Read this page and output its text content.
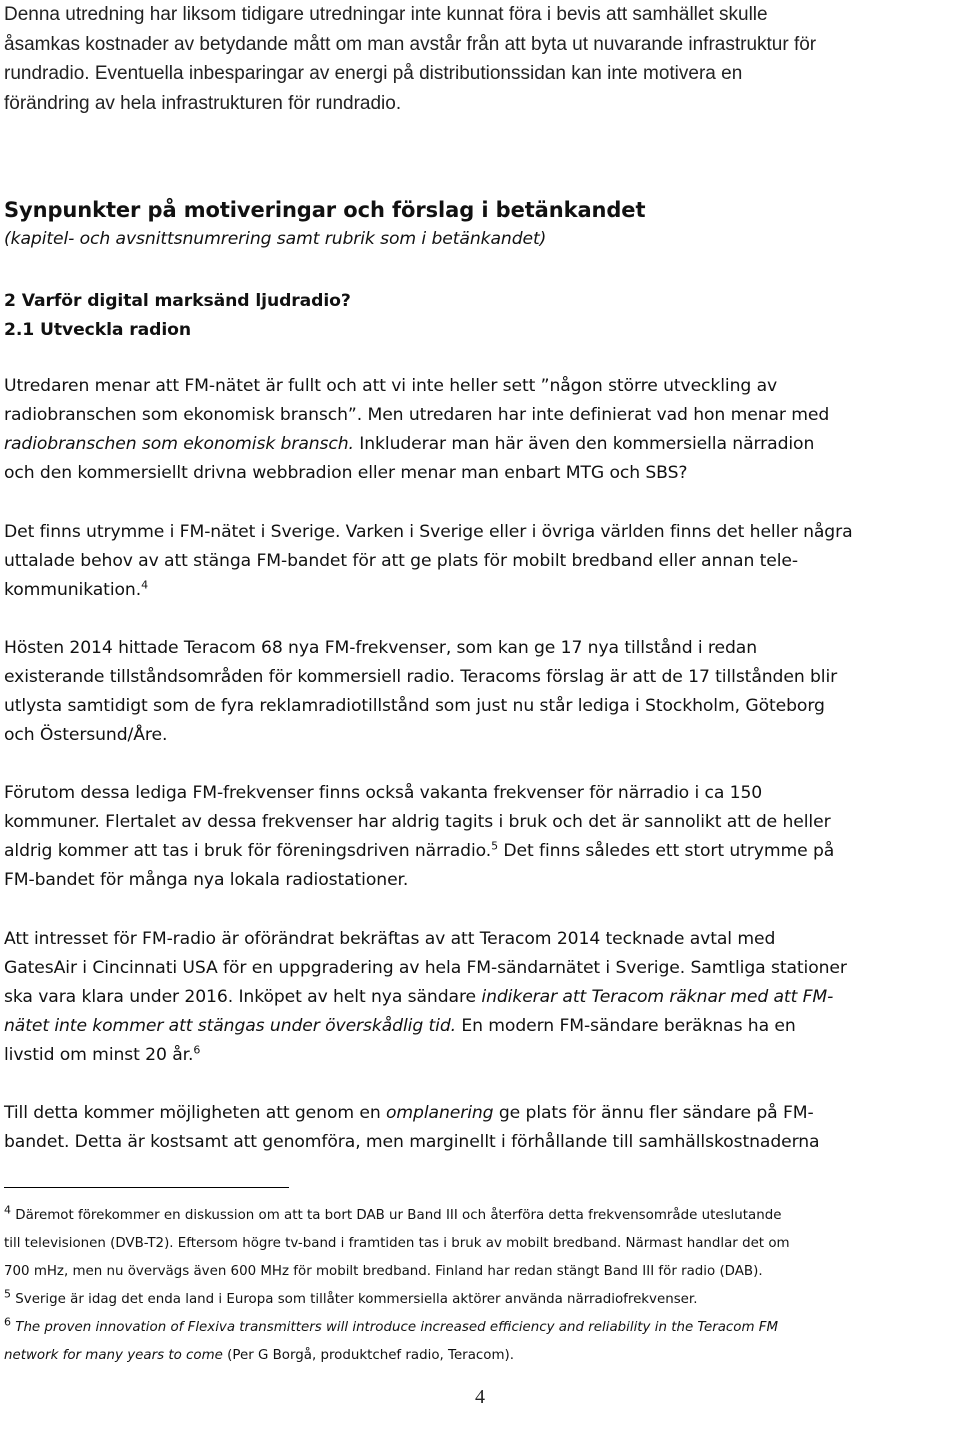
Denna utredning har liksom tidigare utredningar inte kunnat föra i bevis att samhället skulle
åsamkas kostnader av betydande mått om man avstår från att byta ut nuvarande infrastruktur för
rundradio. Eventuella inbesparingar av energi på distributionssidan kan inte motivera en
förändring av hela infrastrukturen för rundradio.
Synpunkter på motiveringar och förslag i betänkandet
(kapitel- och avsnittsnumrering samt rubrik som i betänkandet)
2 Varför digital marksänd ljudradio?
2.1 Utveckla radion
Utredaren menar att FM-nätet är fullt och att vi inte heller sett ”någon större utveckling av
radiobranschen som ekonomisk bransch”. Men utredaren har inte definierat vad hon menar med
radiobranschen som ekonomisk bransch. Inkluderar man här även den kommersiella närradion
och den kommersiellt drivna webbradion eller menar man enbart MTG och SBS?
Det finns utrymme i FM-nätet i Sverige. Varken i Sverige eller i övriga världen finns det heller några
uttalade behov av att stänga FM-bandet för att ge plats för mobilt bredband eller annan tele-
kommunikation.$^4$
Hösten 2014 hittade Teracom 68 nya FM-frekvenser, som kan ge 17 nya tillstånd i redan
existerande tillståndsområden för kommersiell radio. Teracoms förslag är att de 17 tillstånden blir
utlysta samtidigt som de fyra reklamradiotillstånd som just nu står lediga i Stockholm, Göteborg
och Östersund/Åre.
Förutom dessa lediga FM-frekvenser finns också vakanta frekvenser för närradio i ca 150
kommuner. Flertalet av dessa frekvenser har aldrig tagits i bruk och det är sannolikt att de heller
aldrig kommer att tas i bruk för föreningsdriven närradio.$^5$ Det finns således ett stort utrymme på
FM-bandet för många nya lokala radiostationer.
Att intresset för FM-radio är oförändrat bekräftas av att Teracom 2014 tecknade avtal med
GatesAir i Cincinnati USA för en uppgradering av hela FM-sändarnätet i Sverige. Samtliga stationer
ska vara klara under 2016. Inköpet av helt nya sändare indikerar att Teracom räknar med att FM-
nätet inte kommer att stängas under överskådlig tid. En modern FM-sändare beräknas ha en
livstid om minst 20 år.$^6$
Till detta kommer möjligheten att genom en omplanering ge plats för ännu fler sändare på FM-
bandet. Detta är kostsamt att genomföra, men marginellt i förhållande till samhällskostnaderna
$^4$ Däremot förekommer en diskussion om att ta bort DAB ur Band III och återföra detta frekvensområde uteslutande
till televisionen (DVB-T2). Eftersom högre tv-band i framtiden tas i bruk av mobilt bredband. Närmast handlar det om
700 mHz, men nu övervägs även 600 MHz för mobilt bredband. Finland har redan stängt Band III för radio (DAB).
$^5$ Sverige är idag det enda land i Europa som tillåter kommersiella aktörer använda närradiofrekvenser.
$^6$ The proven innovation of Flexiva transmitters will introduce increased efficiency and reliability in the Teracom FM
network for many years to come (Per G Borgå, produktchef radio, Teracom).
4
